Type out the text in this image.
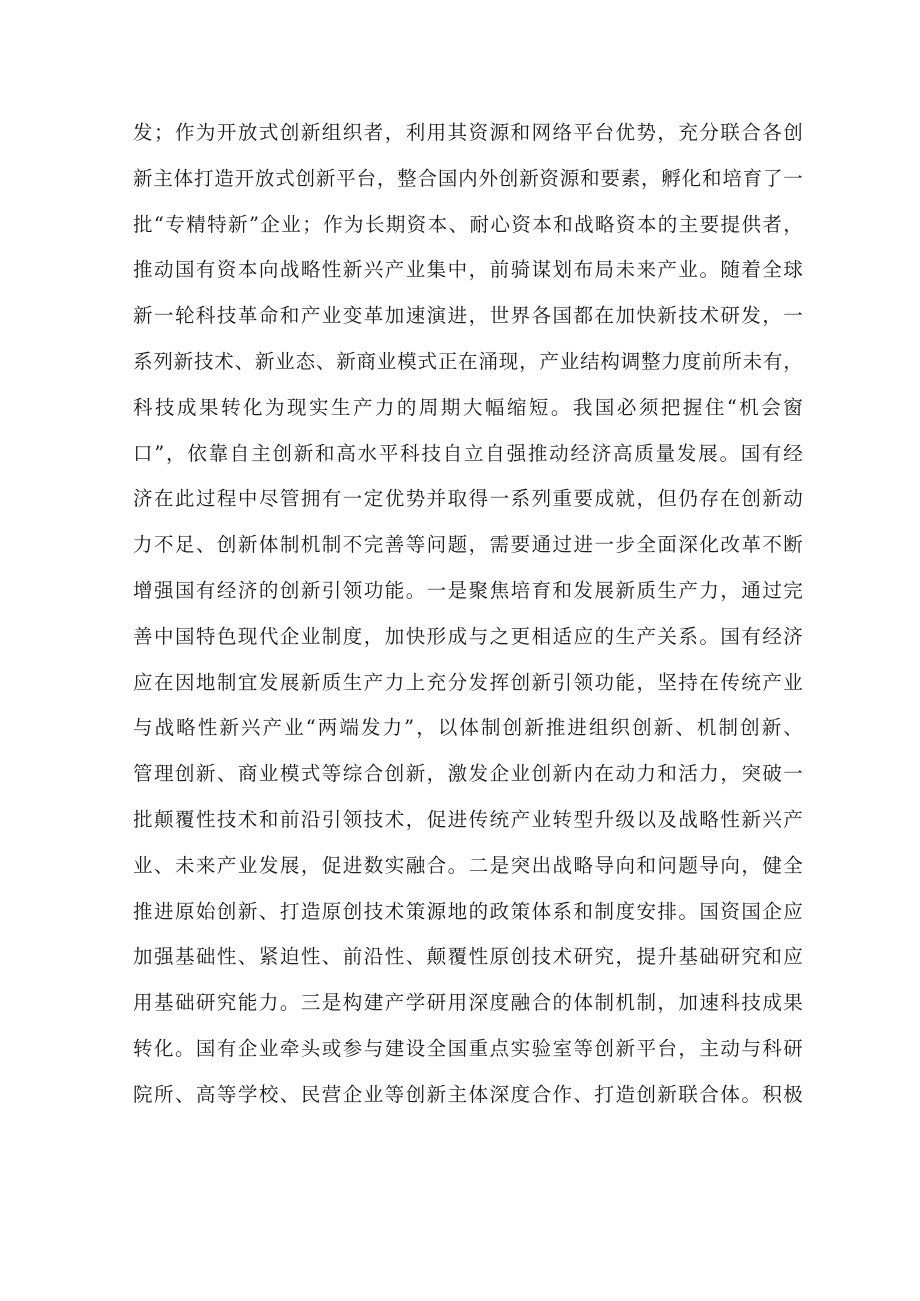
发；作为开放式创新组织者，利用其资源和网络平台优势，充分联合各创
新主体打造开放式创新平台，整合国内外创新资源和要素，孵化和培育了一
批“专精特新”企业；作为长期资本、耐心资本和战略资本的主要提供者，
推动国有资本向战略性新兴产业集中，前骑谋划布局未来产业。随着全球
新一轮科技革命和产业变革加速演进，世界各国都在加快新技术研发，一
系列新技术、新业态、新商业模式正在涌现，产业结构调整力度前所未有，
科技成果转化为现实生产力的周期大幅缩短。我国必须把握住“机会窗
口”，依靠自主创新和高水平科技自立自强推动经济高质量发展。国有经
济在此过程中尽管拥有一定优势并取得一系列重要成就，但仍存在创新动
力不足、创新体制机制不完善等问题，需要通过进一步全面深化改革不断
增强国有经济的创新引领功能。一是聚焦培育和发展新质生产力，通过完
善中国特色现代企业制度，加快形成与之更相适应的生产关系。国有经济
应在因地制宜发展新质生产力上充分发挥创新引领功能，坚持在传统产业
与战略性新兴产业“两端发力”，以体制创新推进组织创新、机制创新、
管理创新、商业模式等综合创新，激发企业创新内在动力和活力，突破一
批颠覆性技术和前沿引领技术，促进传统产业转型升级以及战略性新兴产
业、未来产业发展，促进数实融合。二是突出战略导向和问题导向，健全
推进原始创新、打造原创技术策源地的政策体系和制度安排。国资国企应
加强基础性、紧迫性、前沿性、颠覆性原创技术研究，提升基础研究和应
用基础研究能力。三是构建产学研用深度融合的体制机制，加速科技成果
转化。国有企业牵头或参与建设全国重点实验室等创新平台，主动与科研
院所、高等学校、民营企业等创新主体深度合作、打造创新联合体。积极
